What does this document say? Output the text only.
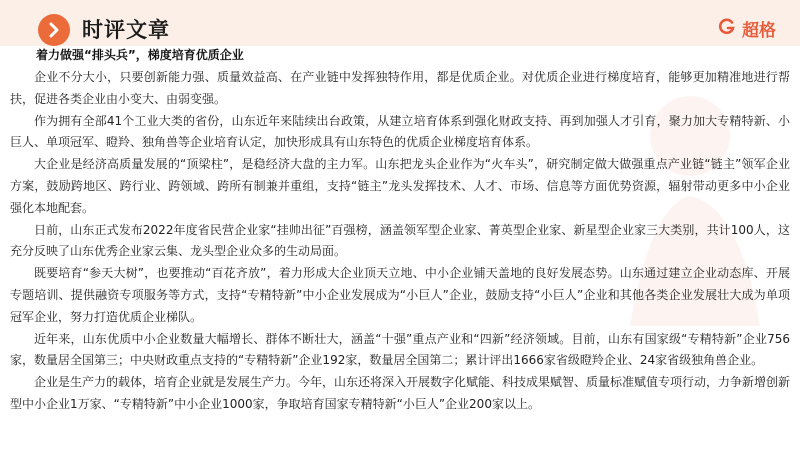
时评文章	超格
着力做强“排头兵”，梯度培育优质企业

企业不分大小，只要创新能力强、质量效益高、在产业链中发挥独特作用，都是优质企业。对优质企业进行梯度培育，能够更加精准地进行帮扶，促进各类企业由小变大、由弱变强。

作为拥有全部41个工业大类的省份，山东近年来陆续出台政策，从建立培育体系到强化财政支持、再到加强人才引育，聚力加大专精特新、小巨人、单项冠军、瞪羚、独角兽等企业培育认定，加快形成具有山东特色的优质企业梯度培育体系。

大企业是经济高质量发展的“顶梁柱”，是稳经济大盘的主力军。山东把龙头企业作为“火车头”，研究制定做大做强重点产业链“链主”领军企业方案，鼓励跨地区、跨行业、跨领域、跨所有制兼并重组，支持“链主”龙头发挥技术、人才、市场、信息等方面优势资源，辐射带动更多中小企业强化本地配套。

日前，山东正式发布2022年度省民营企业家“挂帅出征”百强榜，涵盖领军型企业家、菁英型企业家、新星型企业家三大类别，共计100人，这充分反映了山东优秀企业家云集、龙头型企业众多的生动局面。

既要培育“参天大树”，也要推动“百花齐放”，着力形成大企业顶天立地、中小企业铺天盖地的良好发展态势。山东通过建立企业动态库、开展专题培训、提供融资专项服务等方式，支持“专精特新”中小企业发展成为“小巨人”企业，鼓励支持“小巨人”企业和其他各类企业发展壮大成为单项冠军企业，努力打造优质企业梯队。

近年来，山东优质中小企业数量大幅增长、群体不断壮大，涵盖“十强”重点产业和“四新”经济领域。目前，山东有国家级“专精特新”企业756家，数量居全国第三；中央财政重点支持的“专精特新”企业192家，数量居全国第二；累计评出1666家省级瞪羚企业、24家省级独角兽企业。

企业是生产力的载体，培育企业就是发展生产力。今年，山东还将深入开展数字化赋能、科技成果赋智、质量标准赋值专项行动，力争新增创新型中小企业1万家、“专精特新”中小企业1000家，争取培育国家专精特新“小巨人”企业200家以上。
